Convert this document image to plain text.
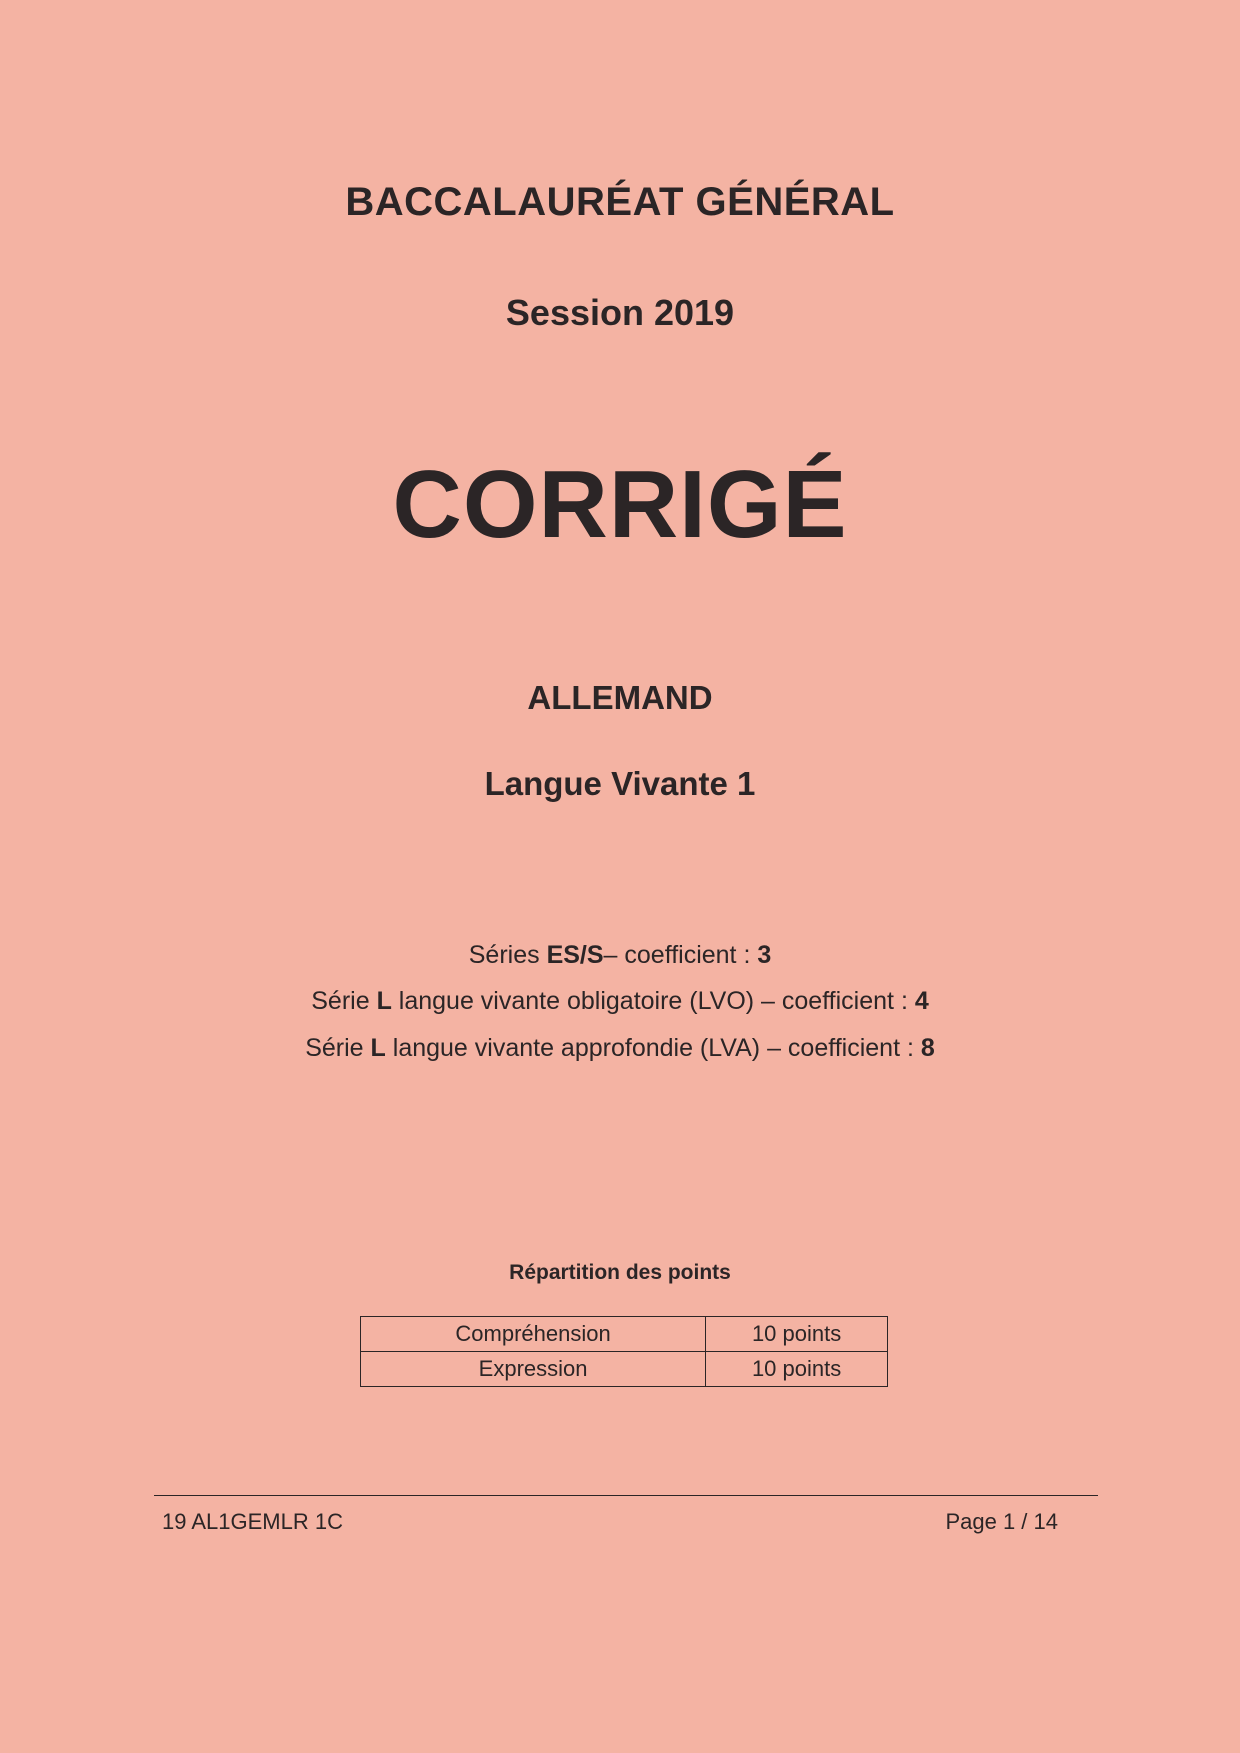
BACCALAURÉAT GÉNÉRAL
Session 2019
CORRIGÉ
ALLEMAND
Langue Vivante 1
Séries ES/S– coefficient : 3
Série L langue vivante obligatoire (LVO) – coefficient : 4
Série L langue vivante approfondie (LVA) – coefficient : 8
Répartition des points
Compréhension	10 points
Expression	10 points
19 AL1GEMLR 1C	Page 1 / 14
